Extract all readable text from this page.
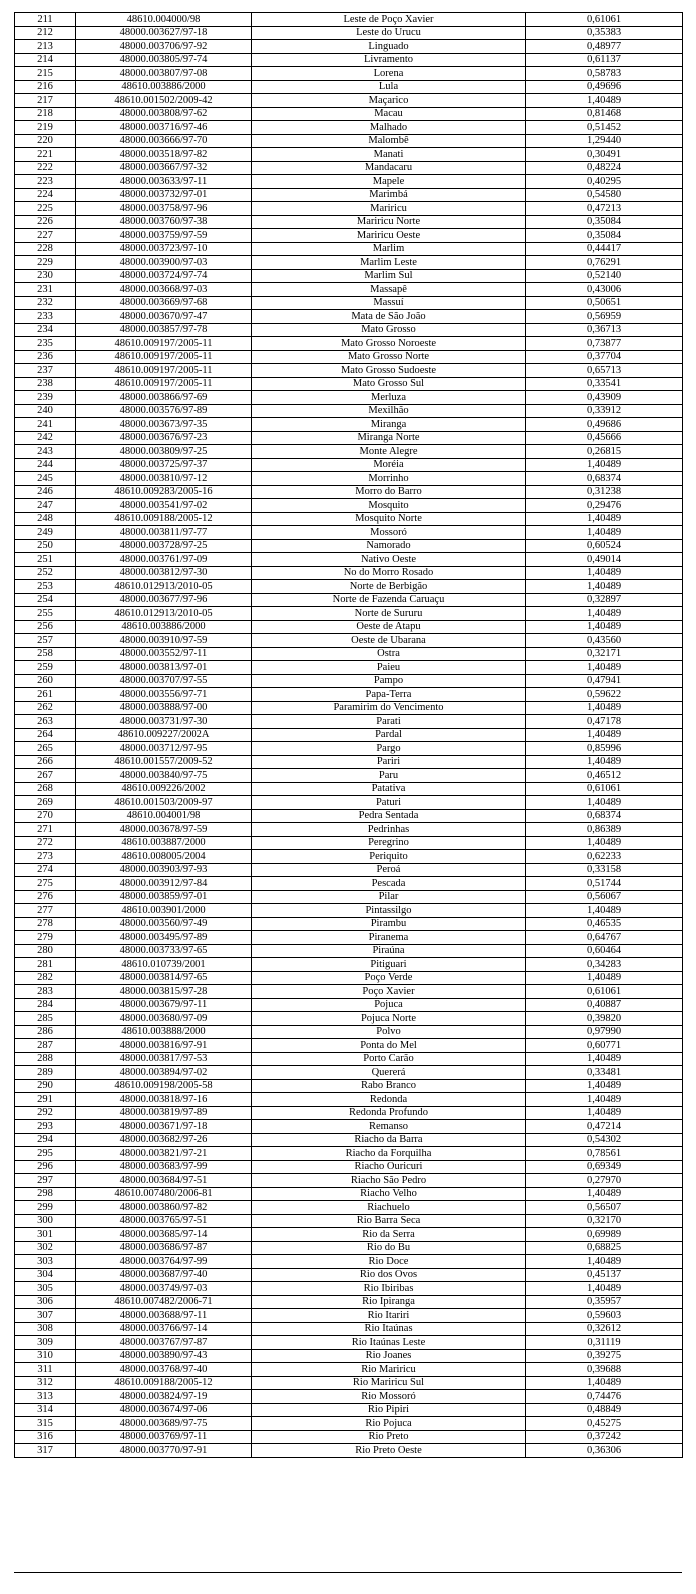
211	48610.004000/98	Leste de Poço Xavier	0,61061
212	48000.003627/97-18	Leste do Urucu	0,35383
213	48000.003706/97-92	Linguado	0,48977
214	48000.003805/97-74	Livramento	0,61137
215	48000.003807/97-08	Lorena	0,58783
216	48610.003886/2000	Lula	0,49696
217	48610.001502/2009-42	Maçarico	1,40489
218	48000.003808/97-62	Macau	0,81468
219	48000.003716/97-46	Malhado	0,51452
220	48000.003666/97-70	Malombê	1,29440
221	48000.003518/97-82	Manati	0,30491
222	48000.003667/97-32	Mandacaru	0,48224
223	48000.003633/97-11	Mapele	0,40295
224	48000.003732/97-01	Marimbá	0,54580
225	48000.003758/97-96	Mariricu	0,47213
226	48000.003760/97-38	Mariricu Norte	0,35084
227	48000.003759/97-59	Mariricu Oeste	0,35084
228	48000.003723/97-10	Marlim	0,44417
229	48000.003900/97-03	Marlim Leste	0,76291
230	48000.003724/97-74	Marlim Sul	0,52140
231	48000.003668/97-03	Massapê	0,43006
232	48000.003669/97-68	Massuí	0,50651
233	48000.003670/97-47	Mata de São João	0,56959
234	48000.003857/97-78	Mato Grosso	0,36713
235	48610.009197/2005-11	Mato Grosso Noroeste	0,73877
236	48610.009197/2005-11	Mato Grosso Norte	0,37704
237	48610.009197/2005-11	Mato Grosso Sudoeste	0,65713
238	48610.009197/2005-11	Mato Grosso Sul	0,33541
239	48000.003866/97-69	Merluza	0,43909
240	48000.003576/97-89	Mexilhão	0,33912
241	48000.003673/97-35	Miranga	0,49686
242	48000.003676/97-23	Miranga Norte	0,45666
243	48000.003809/97-25	Monte Alegre	0,26815
244	48000.003725/97-37	Moréia	1,40489
245	48000.003810/97-12	Morrinho	0,68374
246	48610.009283/2005-16	Morro do Barro	0,31238
247	48000.003541/97-02	Mosquito	0,29476
248	48610.009188/2005-12	Mosquito Norte	1,40489
249	48000.003811/97-77	Mossoró	1,40489
250	48000.003728/97-25	Namorado	0,60524
251	48000.003761/97-09	Nativo Oeste	0,49014
252	48000.003812/97-30	No do Morro Rosado	1,40489
253	48610.012913/2010-05	Norte de Berbigão	1,40489
254	48000.003677/97-96	Norte de Fazenda Caruaçu	0,32897
255	48610.012913/2010-05	Norte de Sururu	1,40489
256	48610.003886/2000	Oeste de Atapu	1,40489
257	48000.003910/97-59	Oeste de Ubarana	0,43560
258	48000.003552/97-11	Ostra	0,32171
259	48000.003813/97-01	Paieu	1,40489
260	48000.003707/97-55	Pampo	0,47941
261	48000.003556/97-71	Papa-Terra	0,59622
262	48000.003888/97-00	Paramirim do Vencimento	1,40489
263	48000.003731/97-30	Parati	0,47178
264	48610.009227/2002A	Pardal	1,40489
265	48000.003712/97-95	Pargo	0,85996
266	48610.001557/2009-52	Pariri	1,40489
267	48000.003840/97-75	Paru	0,46512
268	48610.009226/2002	Patativa	0,61061
269	48610.001503/2009-97	Paturi	1,40489
270	48610.004001/98	Pedra Sentada	0,68374
271	48000.003678/97-59	Pedrinhas	0,86389
272	48610.003887/2000	Peregrino	1,40489
273	48610.008005/2004	Periquito	0,62233
274	48000.003903/97-93	Peroá	0,33158
275	48000.003912/97-84	Pescada	0,51744
276	48000.003859/97-01	Pilar	0,56067
277	48610.003901/2000	Pintassilgo	1,40489
278	48000.003560/97-49	Pirambu	0,46535
279	48000.003495/97-89	Piranema	0,64767
280	48000.003733/97-65	Piraúna	0,60464
281	48610.010739/2001	Pitiguari	0,34283
282	48000.003814/97-65	Poço Verde	1,40489
283	48000.003815/97-28	Poço Xavier	0,61061
284	48000.003679/97-11	Pojuca	0,40887
285	48000.003680/97-09	Pojuca Norte	0,39820
286	48610.003888/2000	Polvo	0,97990
287	48000.003816/97-91	Ponta do Mel	0,60771
288	48000.003817/97-53	Porto Carão	1,40489
289	48000.003894/97-02	Quererá	0,33481
290	48610.009198/2005-58	Rabo Branco	1,40489
291	48000.003818/97-16	Redonda	1,40489
292	48000.003819/97-89	Redonda Profundo	1,40489
293	48000.003671/97-18	Remanso	0,47214
294	48000.003682/97-26	Riacho da Barra	0,54302
295	48000.003821/97-21	Riacho da Forquilha	0,78561
296	48000.003683/97-99	Riacho Ouricuri	0,69349
297	48000.003684/97-51	Riacho São Pedro	0,27970
298	48610.007480/2006-81	Riacho Velho	1,40489
299	48000.003860/97-82	Riachuelo	0,56507
300	48000.003765/97-51	Rio Barra Seca	0,32170
301	48000.003685/97-14	Rio da Serra	0,69989
302	48000.003686/97-87	Rio do Bu	0,68825
303	48000.003764/97-99	Rio Doce	1,40489
304	48000.003687/97-40	Rio dos Ovos	0,45137
305	48000.003749/97-03	Rio Ibiribas	1,40489
306	48610.007482/2006-71	Rio Ipiranga	0,35957
307	48000.003688/97-11	Rio Itariri	0,59603
308	48000.003766/97-14	Rio Itaúnas	0,32612
309	48000.003767/97-87	Rio Itaúnas Leste	0,31119
310	48000.003890/97-43	Rio Joanes	0,39275
311	48000.003768/97-40	Rio Mariricu	0,39688
312	48610.009188/2005-12	Rio Mariricu Sul	1,40489
313	48000.003824/97-19	Rio Mossoró	0,74476
314	48000.003674/97-06	Rio Pipiri	0,48849
315	48000.003689/97-75	Rio Pojuca	0,45275
316	48000.003769/97-11	Rio Preto	0,37242
317	48000.003770/97-91	Rio Preto Oeste	0,36306
